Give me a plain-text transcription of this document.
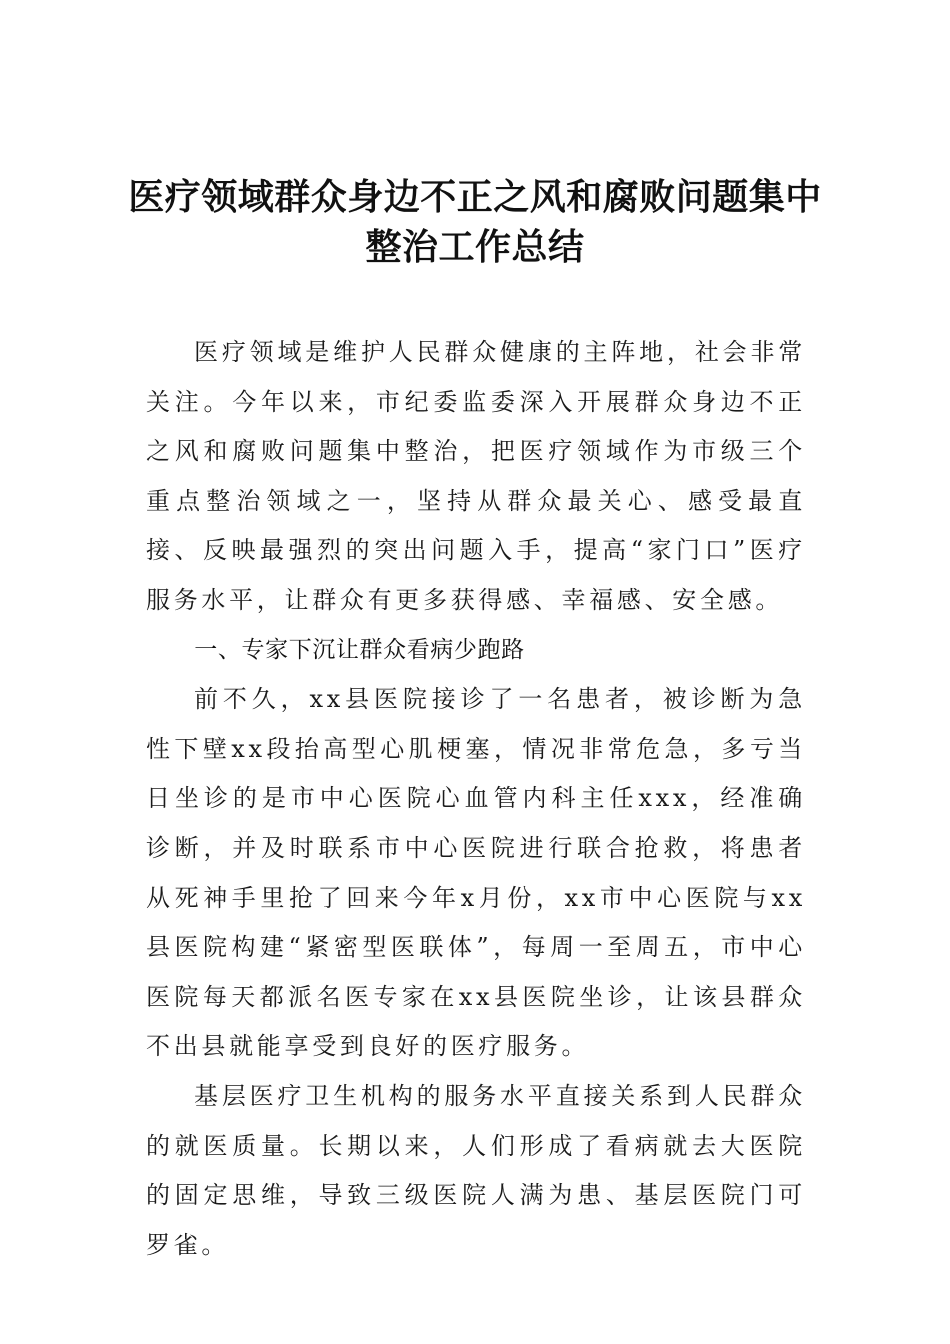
医疗领域群众身边不正之风和腐败问题集中整治工作总结

医疗领域是维护人民群众健康的主阵地，社会非常关注。今年以来，市纪委监委深入开展群众身边不正之风和腐败问题集中整治，把医疗领域作为市级三个重点整治领域之一，坚持从群众最关心、感受最直接、反映最强烈的突出问题入手，提高“家门口”医疗服务水平，让群众有更多获得感、幸福感、安全感。

一、专家下沉让群众看病少跑路

前不久，xx县医院接诊了一名患者，被诊断为急性下壁xx段抬高型心肌梗塞，情况非常危急，多亏当日坐诊的是市中心医院心血管内科主任xxx，经准确诊断，并及时联系市中心医院进行联合抢救，将患者从死神手里抢了回来今年x月份，xx市中心医院与xx县医院构建“紧密型医联体”，每周一至周五，市中心医院每天都派名医专家在xx县医院坐诊，让该县群众不出县就能享受到良好的医疗服务。

基层医疗卫生机构的服务水平直接关系到人民群众的就医质量。长期以来，人们形成了看病就去大医院的固定思维，导致三级医院人满为患、基层医院门可罗雀。
